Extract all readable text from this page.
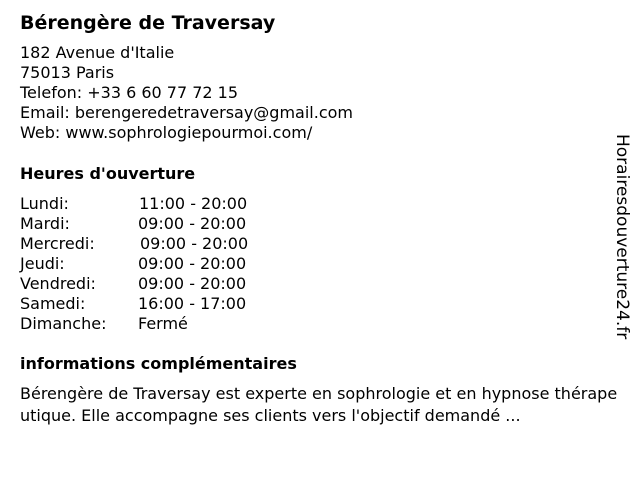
Bérengère de Traversay
182 Avenue d'Italie
75013 Paris
Telefon: +33 6 60 77 72 15
Email: berengeredetraversay@gmail.com
Web: www.sophrologiepourmoi.com/
Heures d'ouverture
Lundi:	11:00 - 20:00
Mardi:	09:00 - 20:00
Mercredi:	09:00 - 20:00
Jeudi:	09:00 - 20:00
Vendredi:	09:00 - 20:00
Samedi:	16:00 - 17:00
Dimanche: Fermé
informations complémentaires
Bérengère de Traversay est experte en sophrologie et en hypnose thérapeutique. Elle accompagne ses clients vers l'objectif demandé ...
Horairesdouverture24.fr
